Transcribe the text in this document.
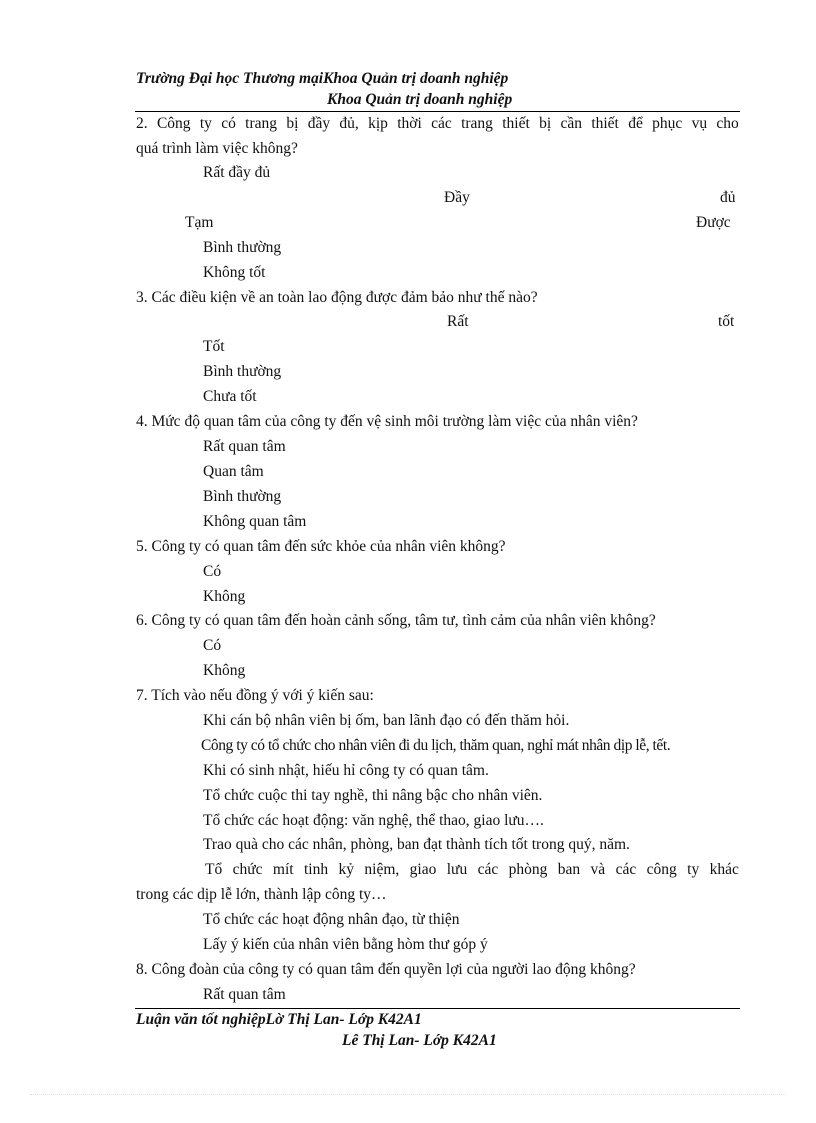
Trường Đại học Thương mạiKhoa Quản trị doanh nghiệp
Khoa Quản trị doanh nghiệp
2. Công ty có trang bị đầy đủ, kịp thời các trang thiết bị cần thiết để phục vụ cho
quá trình làm việc không?
Rất đầy đủ
Đầy	đủ
Tạm	Được
Bình thường
Không tốt
3. Các điều kiện về an toàn lao động được đảm bảo như thế nào?
Rất	tốt
Tốt
Bình thường
Chưa tốt
4. Mức độ quan tâm của công ty đến vệ sinh môi trường làm việc của nhân viên?
Rất quan tâm
Quan tâm
Bình thường
Không quan tâm
5. Công ty có quan tâm đến sức khỏe của nhân viên không?
Có
Không
6. Công ty có quan tâm đến hoàn cảnh sống, tâm tư, tình cảm của nhân viên không?
Có
Không
7. Tích vào nếu đồng ý với ý kiến sau:
Khi cán bộ nhân viên bị ốm, ban lãnh đạo có đến thăm hỏi.
Công ty có tổ chức cho nhân viên đi du lịch, thăm quan, nghỉ mát nhân dịp lễ, tết.
Khi có sinh nhật, hiếu hỉ công ty có quan tâm.
Tổ chức cuộc thi tay nghề, thi nâng bậc cho nhân viên.
Tổ chức các hoạt động: văn nghệ, thể thao, giao lưu….
Trao quà cho các nhân, phòng, ban đạt thành tích tốt trong quý, năm.
Tổ chức mít tinh kỷ niệm, giao lưu các phòng ban và các công ty khác
trong các dịp lễ lớn, thành lập công ty…
Tổ chức các hoạt động nhân đạo, từ thiện
Lấy ý kiến của nhân viên bằng hòm thư góp ý
8. Công đoàn của công ty có quan tâm đến quyền lợi của người lao động không?
Rất quan tâm
Luận văn tốt nghiệpLờ Thị Lan- Lớp K42A1
Lê Thị Lan- Lớp K42A1
